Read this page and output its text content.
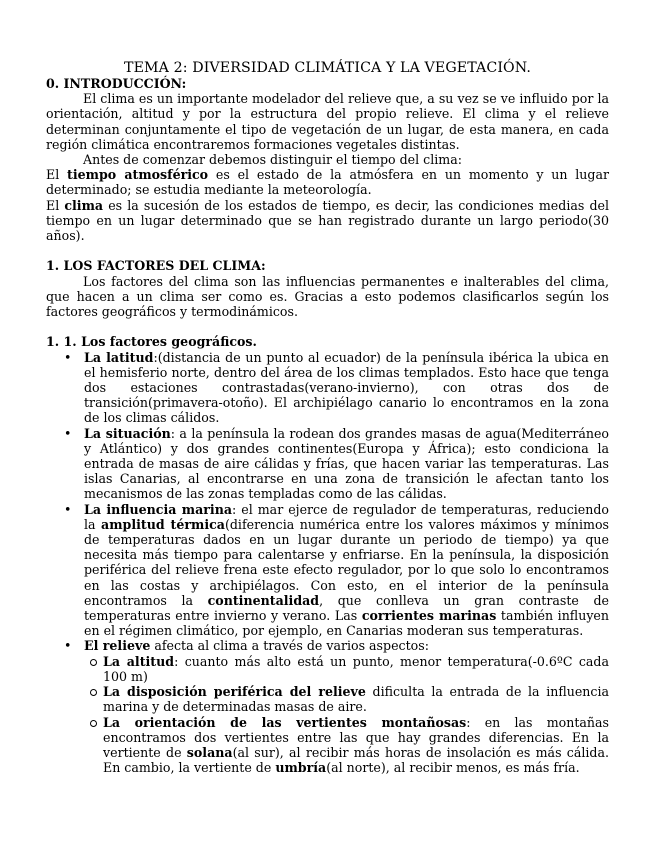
TEMA 2: DIVERSIDAD CLIMÁTICA Y LA VEGETACIÓN.

0. INTRODUCCIÓN:

El clima es un importante modelador del relieve que, a su vez se ve influido por la orientación, altitud y por la estructura del propio relieve. El clima y el relieve determinan conjuntamente el tipo de vegetación de un lugar, de esta manera, en cada región climática encontraremos formaciones vegetales distintas.

Antes de comenzar debemos distinguir el tiempo del clima:

El tiempo atmosférico es el estado de la atmósfera en un momento y un lugar determinado; se estudia mediante la meteorología.

El clima es la sucesión de los estados de tiempo, es decir, las condiciones medias del tiempo en un lugar determinado que se han registrado durante un largo periodo(30 años).

1. LOS FACTORES DEL CLIMA:

Los factores del clima son las influencias permanentes e inalterables del clima, que hacen a un clima ser como es. Gracias a esto podemos clasificarlos según los factores geográficos y termodinámicos.

1. 1. Los factores geográficos.

• La latitud:(distancia de un punto al ecuador) de la península ibérica la ubica en el hemisferio norte, dentro del área de los climas templados. Esto hace que tenga dos estaciones contrastadas(verano-invierno), con otras dos de transición(primavera-otoño). El archipiélago canario lo encontramos en la zona de los climas cálidos.
• La situación: a la península la rodean dos grandes masas de agua(Mediterráneo y Atlántico) y dos grandes continentes(Europa y África); esto condiciona la entrada de masas de aire cálidas y frías, que hacen variar las temperaturas. Las islas Canarias, al encontrarse en una zona de transición le afectan tanto los mecanismos de las zonas templadas como de las cálidas.
• La influencia marina: el mar ejerce de regulador de temperaturas, reduciendo la amplitud térmica(diferencia numérica entre los valores máximos y mínimos de temperaturas dados en un lugar durante un periodo de tiempo) ya que necesita más tiempo para calentarse y enfriarse. En la península, la disposición periférica del relieve frena este efecto regulador, por lo que solo lo encontramos en las costas y archipiélagos. Con esto, en el interior de la península encontramos la continentalidad, que conlleva un gran contraste de temperaturas entre invierno y verano. Las corrientes marinas también influyen en el régimen climático, por ejemplo, en Canarias moderan sus temperaturas.
• El relieve afecta al clima a través de varios aspectos:
La altitud: cuanto más alto está un punto, menor temperatura(-0.6ºC cada 100 m)
La disposición periférica del relieve dificulta la entrada de la influencia marina y de determinadas masas de aire.
La orientación de las vertientes montañosas: en las montañas encontramos dos vertientes entre las que hay grandes diferencias. En la vertiente de solana(al sur), al recibir más horas de insolación es más cálida. En cambio, la vertiente de umbría(al norte), al recibir menos, es más fría.
